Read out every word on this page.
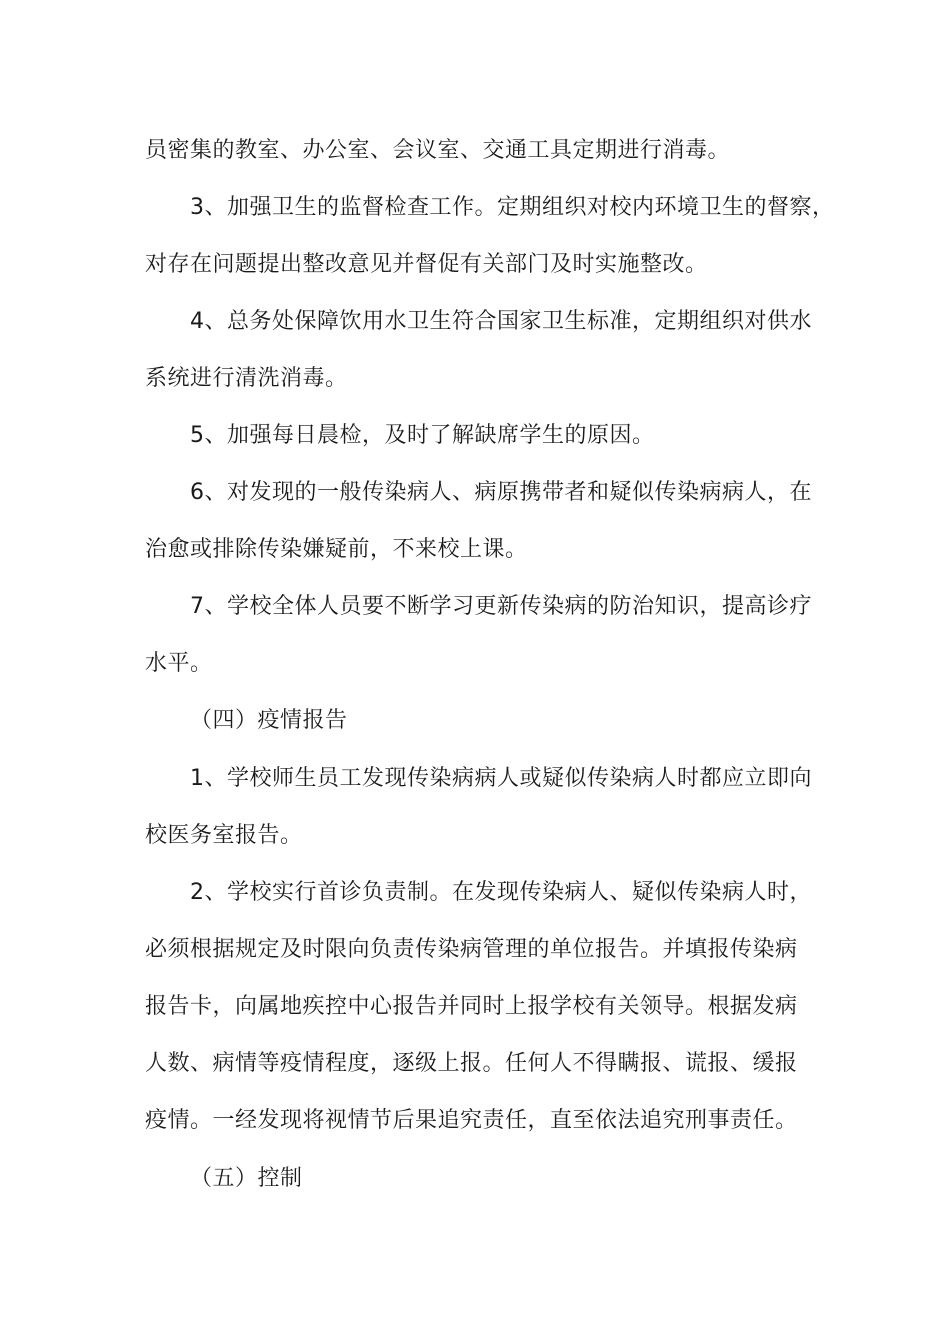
员密集的教室、办公室、会议室、交通工具定期进行消毒。

3、加强卫生的监督检查工作。定期组织对校内环境卫生的督察，

对存在问题提出整改意见并督促有关部门及时实施整改。

4、总务处保障饮用水卫生符合国家卫生标准，定期组织对供水

系统进行清洗消毒。

5、加强每日晨检，及时了解缺席学生的原因。

6、对发现的一般传染病人、病原携带者和疑似传染病病人，在

治愈或排除传染嫌疑前，不来校上课。

7、学校全体人员要不断学习更新传染病的防治知识，提高诊疗

水平。

（四）疫情报告

1、学校师生员工发现传染病病人或疑似传染病人时都应立即向

校医务室报告。

2、学校实行首诊负责制。在发现传染病人、疑似传染病人时，

必须根据规定及时限向负责传染病管理的单位报告。并填报传染病

报告卡，向属地疾控中心报告并同时上报学校有关领导。根据发病

人数、病情等疫情程度，逐级上报。任何人不得瞒报、谎报、缓报

疫情。一经发现将视情节后果追究责任，直至依法追究刑事责任。

（五）控制
